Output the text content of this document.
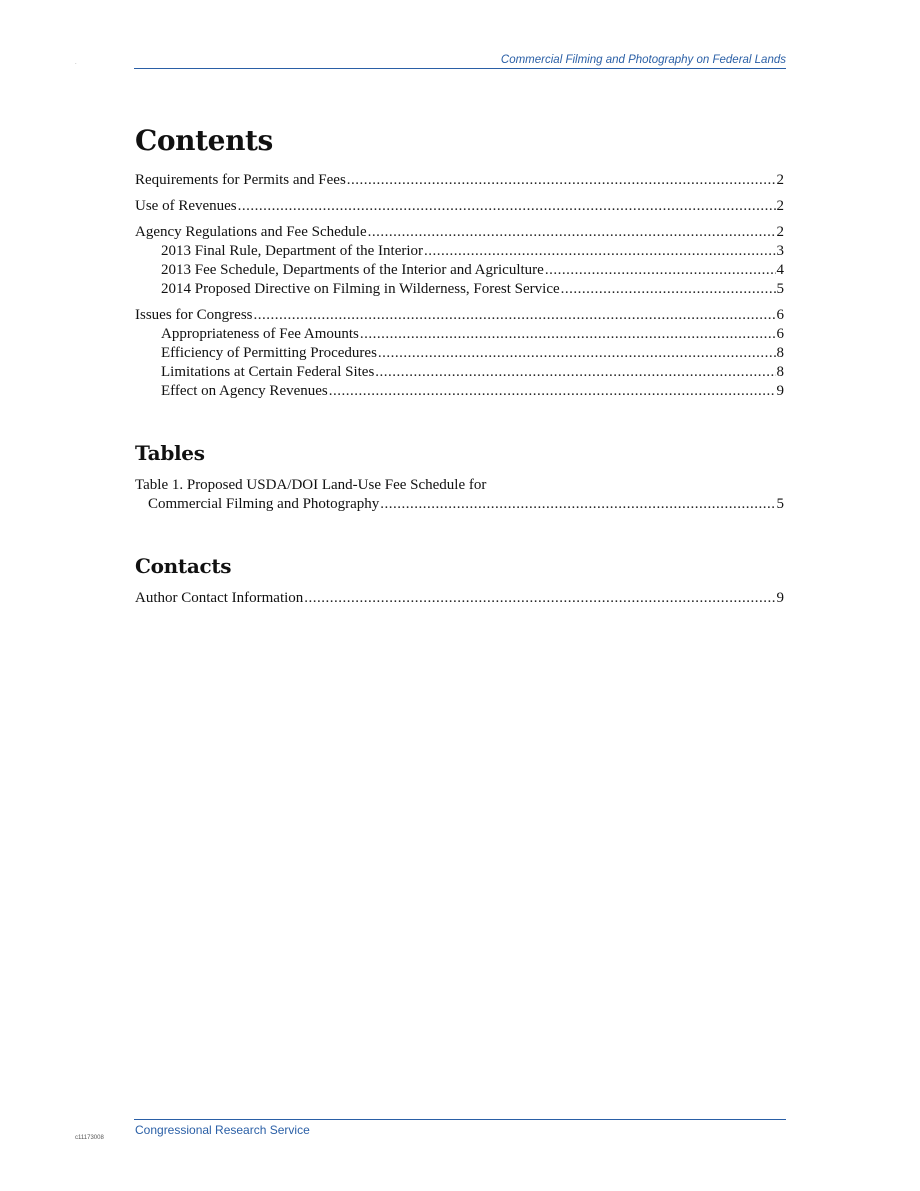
.	Commercial Filming and Photography on Federal Lands
Contents
Requirements for Permits and Fees .....	2
Use of Revenues .....	2
Agency Regulations and Fee Schedule .....	2
2013 Final Rule, Department of the Interior .....	3
2013 Fee Schedule, Departments of the Interior and Agriculture .....	4
2014 Proposed Directive on Filming in Wilderness, Forest Service .....	5
Issues for Congress .....	6
Appropriateness of Fee Amounts .....	6
Efficiency of Permitting Procedures .....	8
Limitations at Certain Federal Sites .....	8
Effect on Agency Revenues .....	9
Tables
Table 1. Proposed USDA/DOI Land-Use Fee Schedule for
Commercial Filming and Photography .....	5
Contacts
Author Contact Information .....	9
Congressional Research Service
c11173008
